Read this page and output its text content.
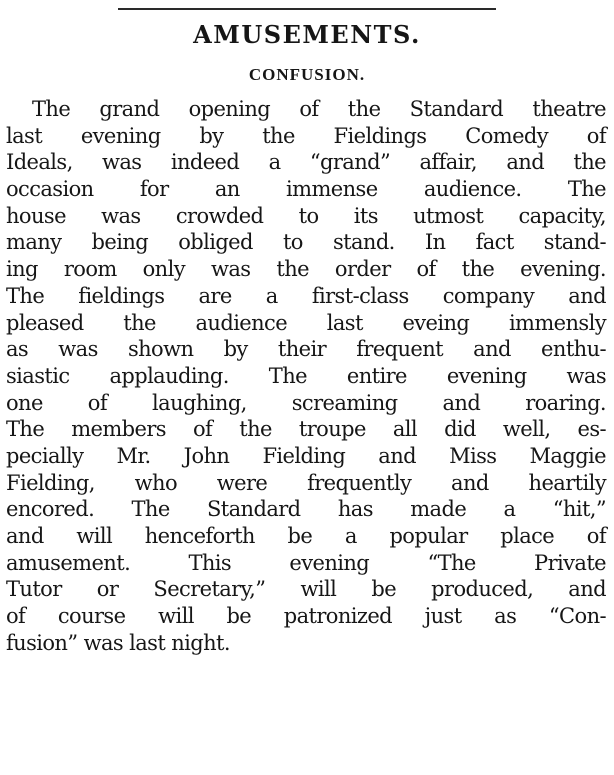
AMUSEMENTS.
CONFUSION.
The grand opening of the Standard theatre
last evening by the Fieldings Comedy of
Ideals, was indeed a “grand” affair, and the
occasion for an immense audience. The
house was crowded to its utmost capacity,
many being obliged to stand. In fact stand-
ing room only was the order of the evening.
The fieldings are a first-class company and
pleased the audience last eveing immensly
as was shown by their frequent and enthu-
siastic applauding. The entire evening was
one of laughing, screaming and roaring.
The members of the troupe all did well, es-
pecially Mr. John Fielding and Miss Maggie
Fielding, who were frequently and heartily
encored. The Standard has made a “hit,”
and will henceforth be a popular place of
amusement. This evening “The Private
Tutor or Secretary,” will be produced, and
of course will be patronized just as “Con-
fusion” was last night.
